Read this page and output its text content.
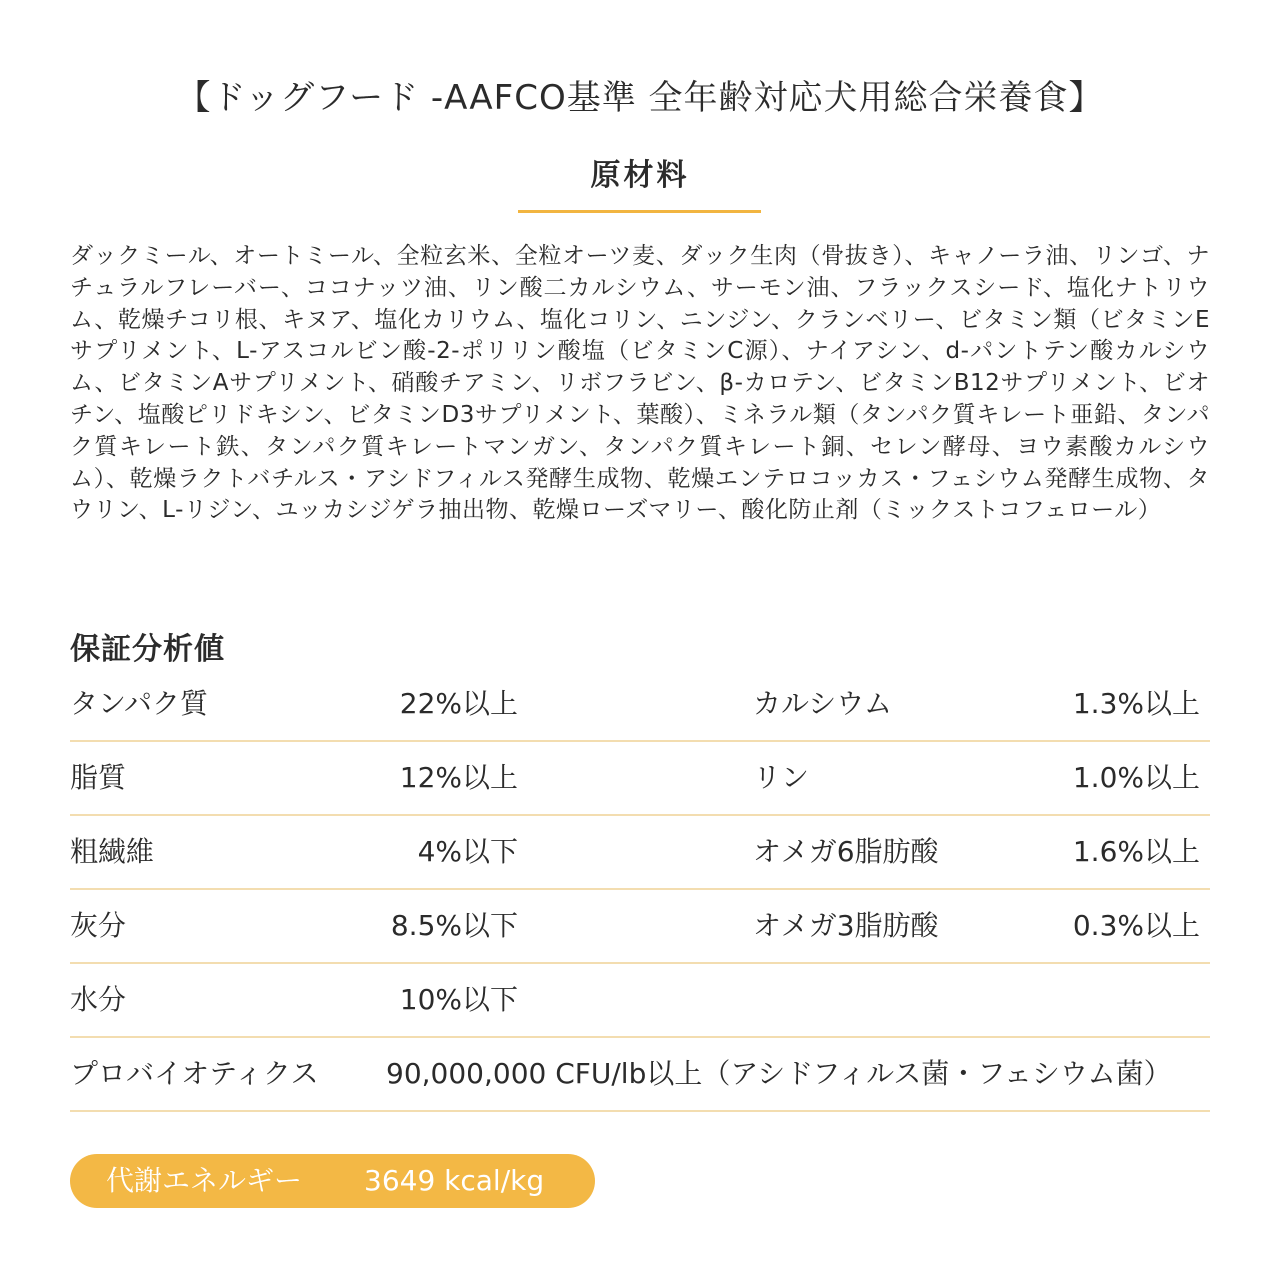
【ドッグフード -AAFCO基準 全年齢対応犬用総合栄養食】
原材料
ダックミール、オートミール、全粒玄米、全粒オーツ麦、ダック生肉（骨抜き）、キャノーラ油、リンゴ、ナチュラルフレーバー、ココナッツ油、リン酸二カルシウム、サーモン油、フラックスシード、塩化ナトリウム、乾燥チコリ根、キヌア、塩化カリウム、塩化コリン、ニンジン、クランベリー、ビタミン類（ビタミンEサプリメント、L-アスコルビン酸-2-ポリリン酸塩（ビタミンC源）、ナイアシン、d-パントテン酸カルシウム、ビタミンAサプリメント、硝酸チアミン、リボフラビン、β-カロテン、ビタミンB12サプリメント、ビオチン、塩酸ピリドキシン、ビタミンD3サプリメント、葉酸）、ミネラル類（タンパク質キレート亜鉛、タンパク質キレート鉄、タンパク質キレートマンガン、タンパク質キレート銅、セレン酵母、ヨウ素酸カルシウム）、乾燥ラクトバチルス・アシドフィルス発酵生成物、乾燥エンテロコッカス・フェシウム発酵生成物、タウリン、L-リジン、ユッカシジゲラ抽出物、乾燥ローズマリー、酸化防止剤（ミックストコフェロール）
保証分析値
タンパク質	22%以上	カルシウム	1.3%以上
脂質	12%以上	リン	1.0%以上
粗繊維	4%以下	オメガ6脂肪酸	1.6%以上
灰分	8.5%以下	オメガ3脂肪酸	0.3%以上
水分	10%以下
プロバイオティクス 90,000,000 CFU/lb以上（アシドフィルス菌・フェシウム菌）
代謝エネルギー 3649 kcal/kg
